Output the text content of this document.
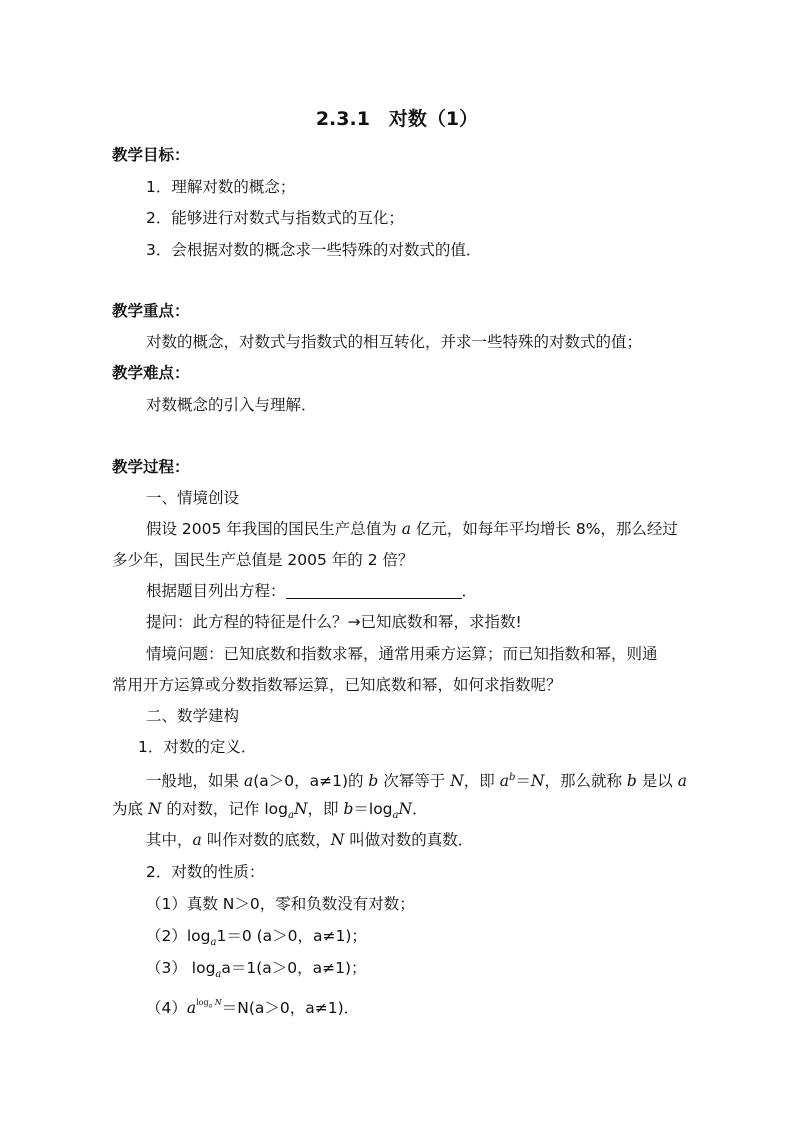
2.3.1　对数（1）
教学目标：
1．理解对数的概念；
2．能够进行对数式与指数式的互化；
3．会根据对数的概念求一些特殊的对数式的值．
教学重点：
对数的概念，对数式与指数式的相互转化，并求一些特殊的对数式的值；
教学难点：
对数概念的引入与理解．
教学过程：
一、情境创设
假设 2005 年我国的国民生产总值为 a 亿元，如每年平均增长 8%，那么经过
多少年，国民生产总值是 2005 年的 2 倍？
根据题目列出方程：	．
提问：此方程的特征是什么？→已知底数和幂，求指数!
情境问题：已知底数和指数求幂，通常用乘方运算；而已知指数和幂，则通
常用开方运算或分数指数幂运算，已知底数和幂，如何求指数呢？
二、数学建构
1．对数的定义．
一般地，如果 a(a＞0，a≠1)的 b 次幂等于 N，即 $a^b=N$，那么就称 b 是以 a
为底 N 的对数，记作 $\log_aN$，即 $b=\log_aN$．
其中，a 叫作对数的底数，N 叫做对数的真数．
2．对数的性质：
（1）真数 N＞0，零和负数没有对数；
$(2)\log_a1=0$ (a＞0，a≠1)；
（3） $\log_aa=1(a>0$，a≠1)；
$(4)a^{log_a N}=N(a>0$，a≠1)．
